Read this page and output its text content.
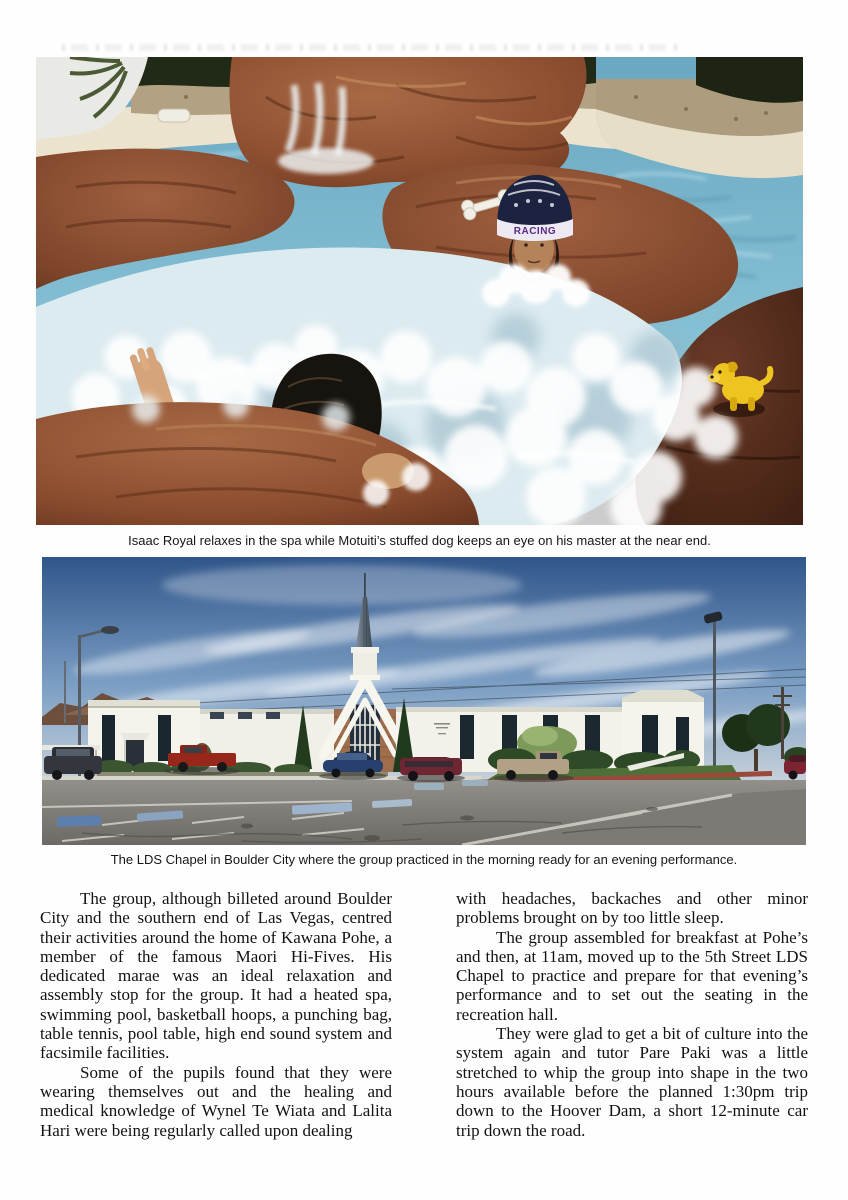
RACING
Isaac Royal relaxes in the spa while Motuiti’s stuffed dog keeps an eye on his master at the near end.
The LDS Chapel in Boulder City where the group practiced in the morning ready for an evening performance.

The group, although billeted around Boulder City and the southern end of Las Vegas, centred their activities around the home of Kawana Pohe, a member of the famous Maori Hi-Fives. His dedicated marae was an ideal relaxation and assembly stop for the group. It had a heated spa, swimming pool, basketball hoops, a punching bag, table tennis, pool table, high end sound system and facsimile facilities.

Some of the pupils found that they were wearing themselves out and the healing and medical knowledge of Wynel Te Wiata and Lalita Hari were being regularly called upon dealing

with headaches, backaches and other minor problems brought on by too little sleep.

The group assembled for breakfast at Pohe’s and then, at 11am, moved up to the 5th Street LDS Chapel to practice and prepare for that evening’s performance and to set out the seating in the recreation hall.

They were glad to get a bit of culture into the system again and tutor Pare Paki was a little stretched to whip the group into shape in the two hours available before the planned 1:30pm trip down to the Hoover Dam, a short 12-minute car trip down the road.
